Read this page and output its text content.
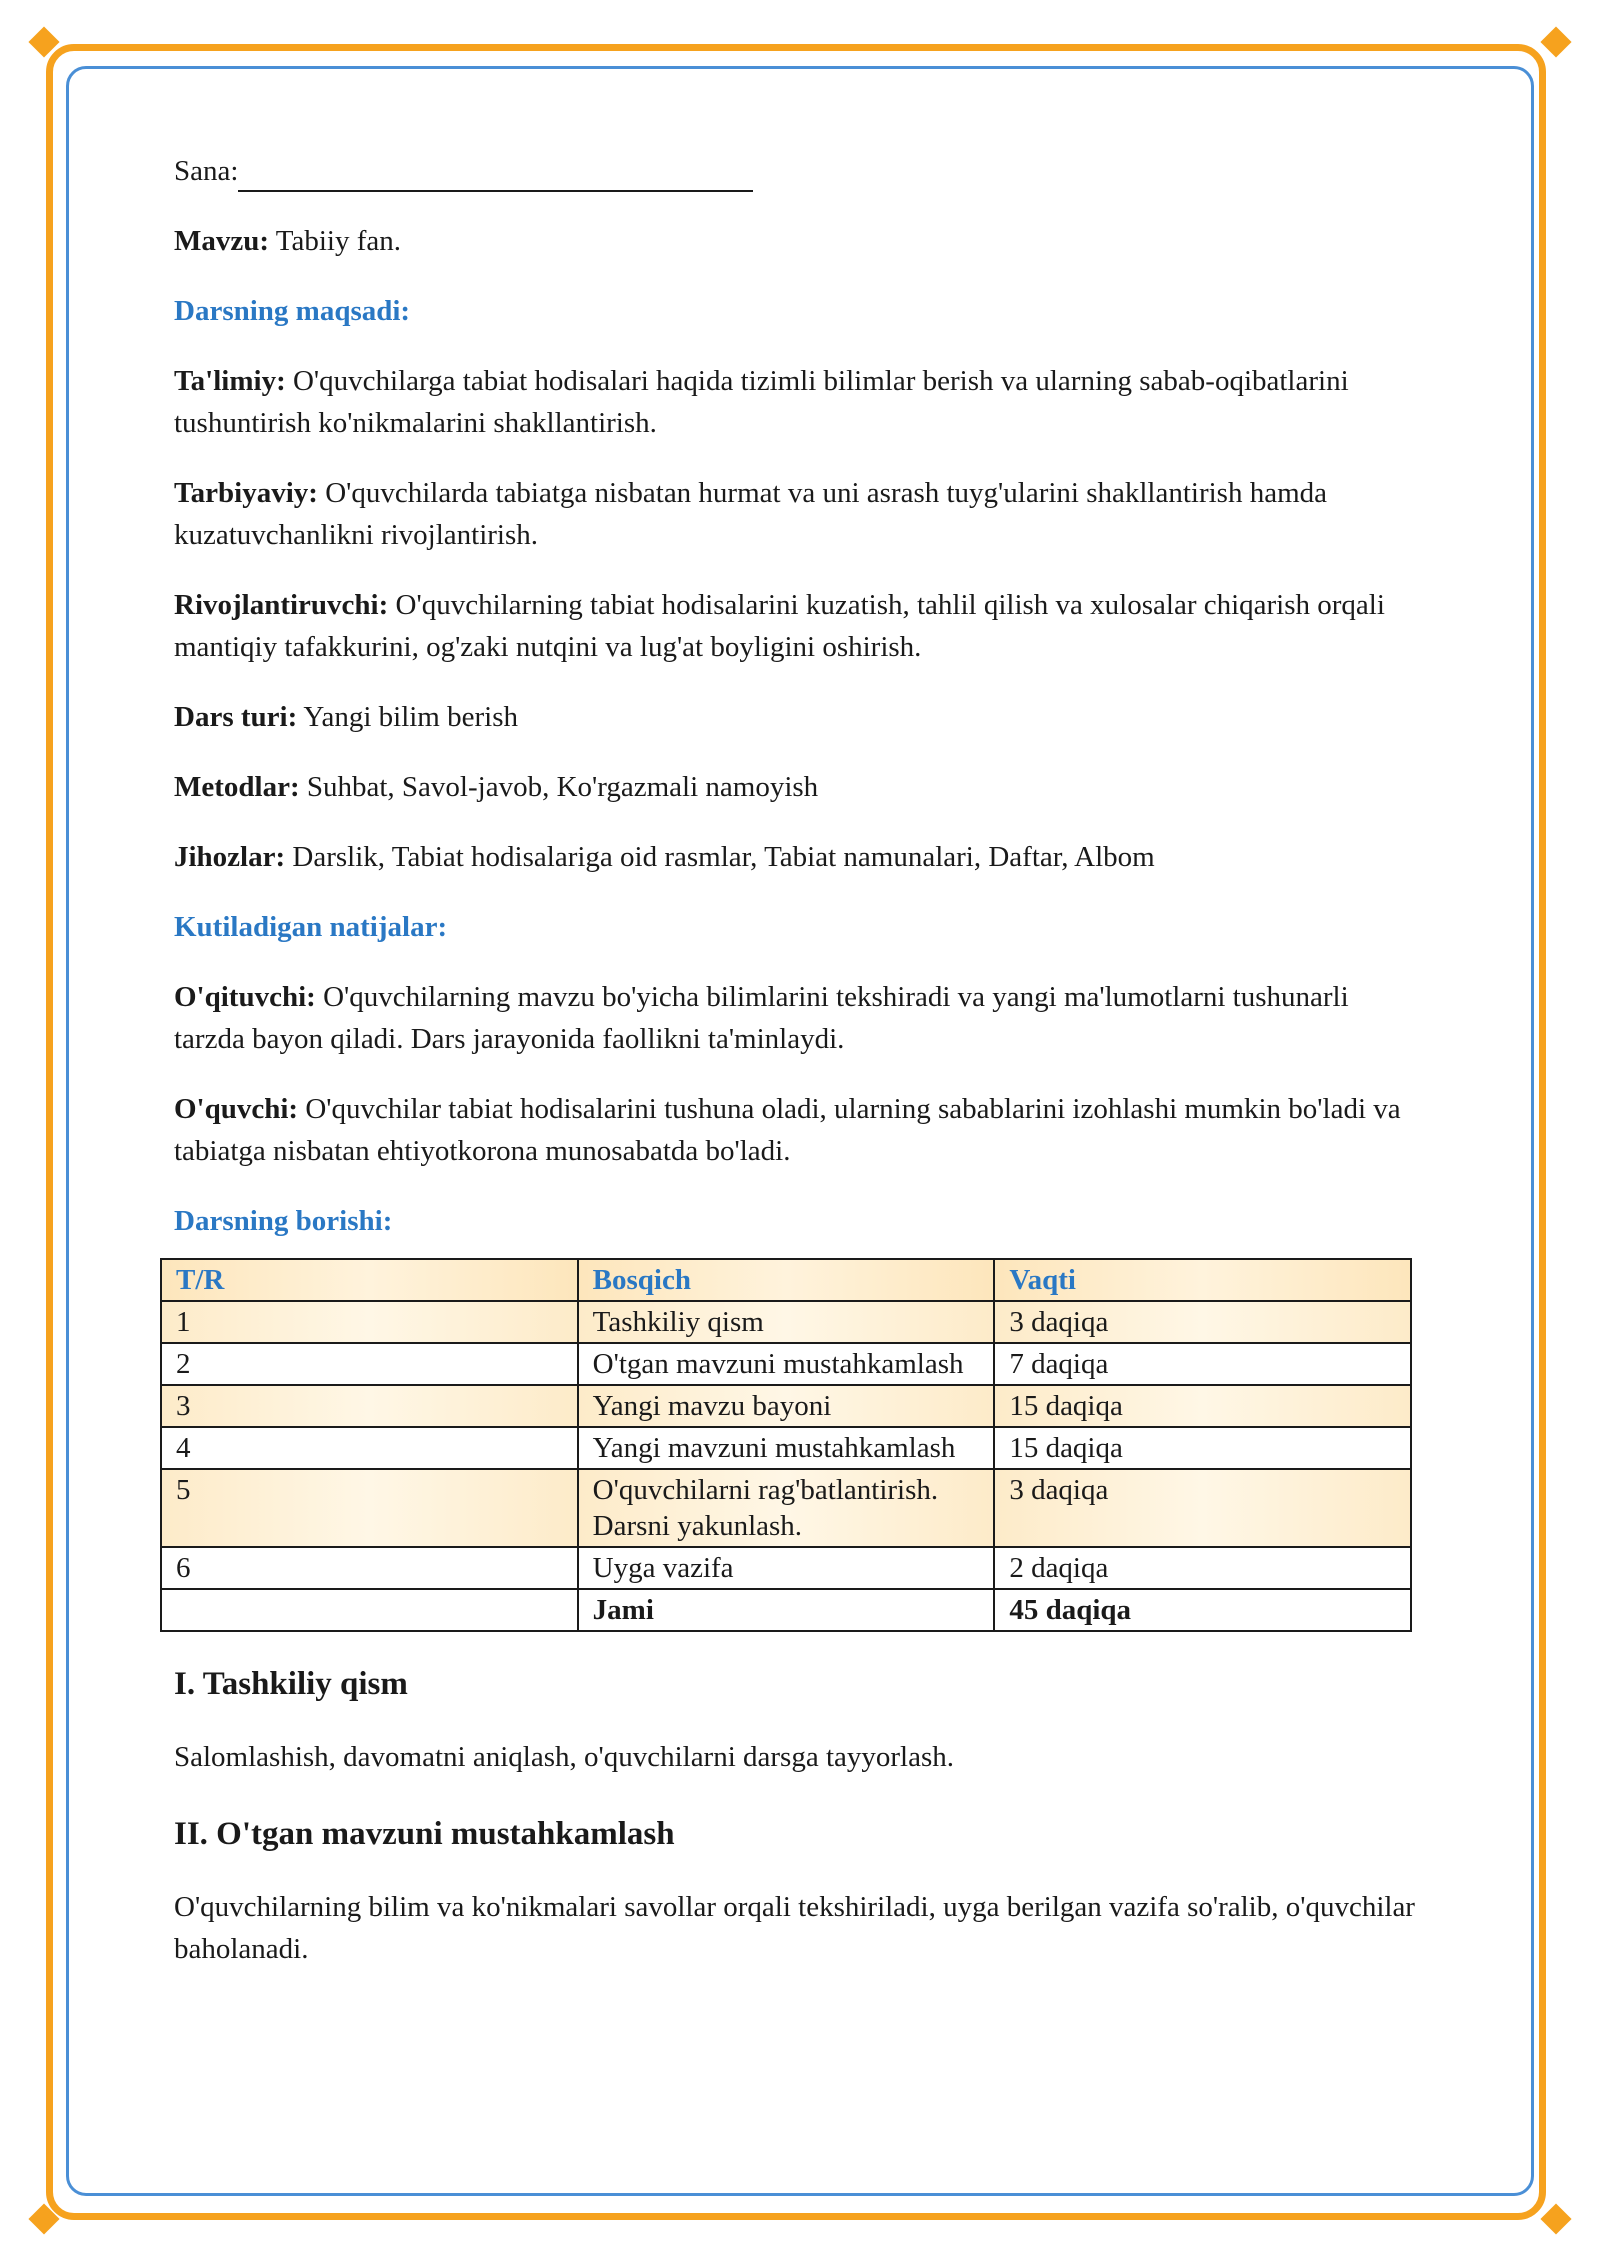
Sana:

Mavzu: Tabiiy fan.

Darsning maqsadi:

Ta'limiy: O'quvchilarga tabiat hodisalari haqida tizimli bilimlar berish va ularning sabab-oqibatlarini tushuntirish ko'nikmalarini shakllantirish.

Tarbiyaviy: O'quvchilarda tabiatga nisbatan hurmat va uni asrash tuyg'ularini shakllantirish hamda kuzatuvchanlikni rivojlantirish.

Rivojlantiruvchi: O'quvchilarning tabiat hodisalarini kuzatish, tahlil qilish va xulosalar chiqarish orqali mantiqiy tafakkurini, og'zaki nutqini va lug'at boyligini oshirish.

Dars turi: Yangi bilim berish

Metodlar: Suhbat, Savol-javob, Ko'rgazmali namoyish

Jihozlar: Darslik, Tabiat hodisalariga oid rasmlar, Tabiat namunalari, Daftar, Albom

Kutiladigan natijalar:

O'qituvchi: O'quvchilarning mavzu bo'yicha bilimlarini tekshiradi va yangi ma'lumotlarni tushunarli tarzda bayon qiladi. Dars jarayonida faollikni ta'minlaydi.

O'quvchi: O'quvchilar tabiat hodisalarini tushuna oladi, ularning sabablarini izohlashi mumkin bo'ladi va tabiatga nisbatan ehtiyotkorona munosabatda bo'ladi.

Darsning borishi:

T/R	Bosqich	Vaqti
1	Tashkiliy qism	3 daqiqa
2	O'tgan mavzuni mustahkamlash	7 daqiqa
3	Yangi mavzu bayoni	15 daqiqa
4	Yangi mavzuni mustahkamlash	15 daqiqa
5	O'quvchilarni rag'batlantirish. Darsni yakunlash.	3 daqiqa
6	Uyga vazifa	2 daqiqa
	Jami	45 daqiqa

I. Tashkiliy qism

Salomlashish, davomatni aniqlash, o'quvchilarni darsga tayyorlash.

II. O'tgan mavzuni mustahkamlash

O'quvchilarning bilim va ko'nikmalari savollar orqali tekshiriladi, uyga berilgan vazifa so'ralib, o'quvchilar baholanadi.
